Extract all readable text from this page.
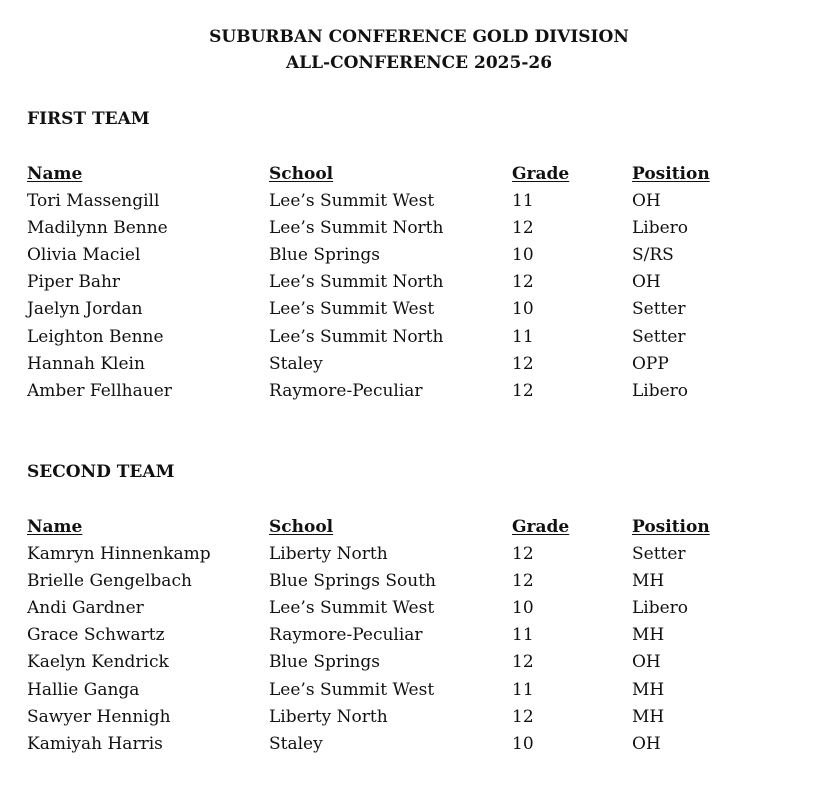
SUBURBAN CONFERENCE GOLD DIVISION
ALL-CONFERENCE 2025-26
FIRST TEAM
Name	School	Grade	Position
Tori Massengill	Lee’s Summit West	11	OH
Madilynn Benne	Lee’s Summit North	12	Libero
Olivia Maciel	Blue Springs	10	S/RS
Piper Bahr	Lee’s Summit North	12	OH
Jaelyn Jordan	Lee’s Summit West	10	Setter
Leighton Benne	Lee’s Summit North	11	Setter
Hannah Klein	Staley	12	OPP
Amber Fellhauer	Raymore-Peculiar	12	Libero
SECOND TEAM
Name	School	Grade	Position
Kamryn Hinnenkamp	Liberty North	12	Setter
Brielle Gengelbach	Blue Springs South	12	MH
Andi Gardner	Lee’s Summit West	10	Libero
Grace Schwartz	Raymore-Peculiar	11	MH
Kaelyn Kendrick	Blue Springs	12	OH
Hallie Ganga	Lee’s Summit West	11	MH
Sawyer Hennigh	Liberty North	12	MH
Kamiyah Harris	Staley	10	OH
